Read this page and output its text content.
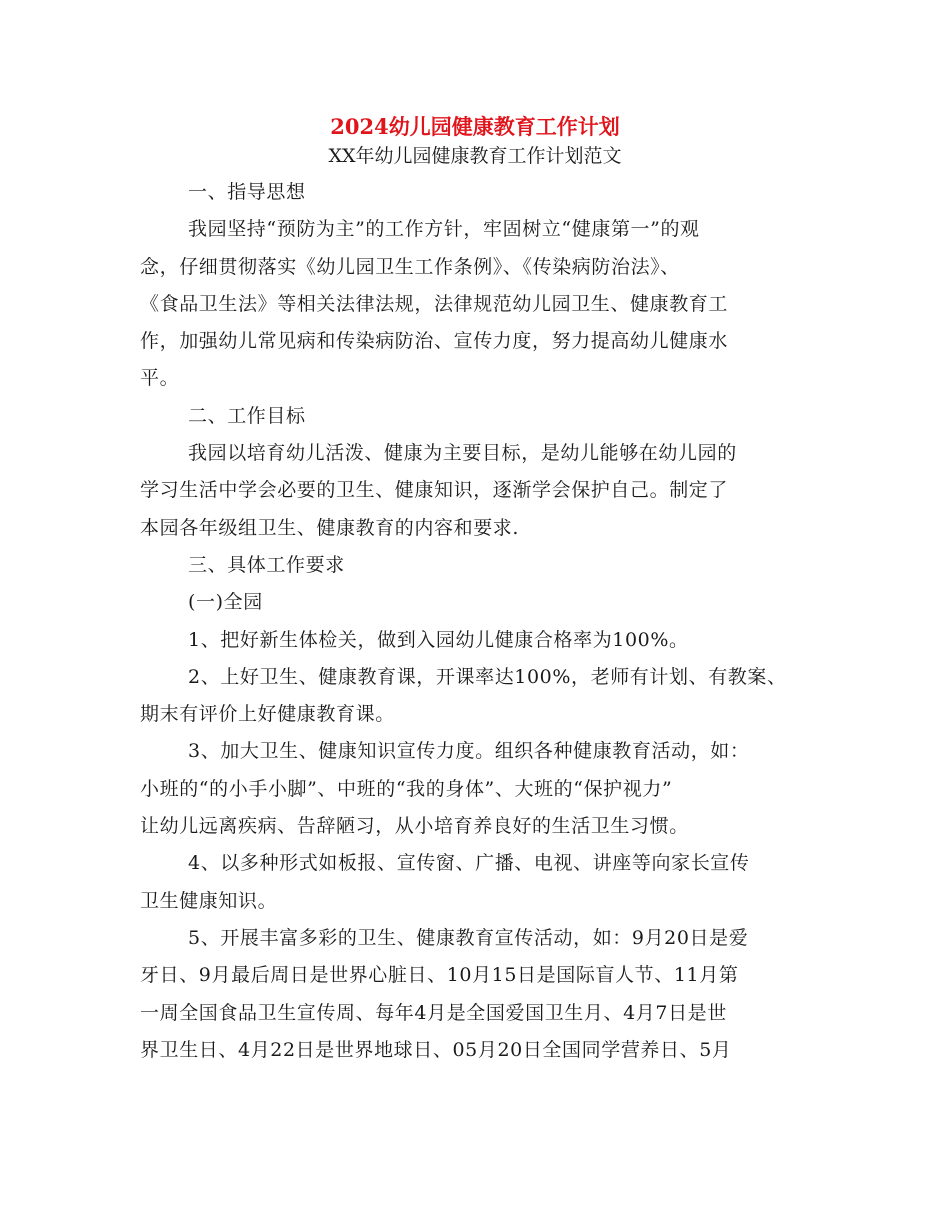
2024幼儿园健康教育工作计划
XX年幼儿园健康教育工作计划范文
一、指导思想
我园坚持“预防为主”的工作方针，牢固树立“健康第一”的观
念，仔细贯彻落实《幼儿园卫生工作条例》、《传染病防治法》、
《食品卫生法》等相关法律法规，法律规范幼儿园卫生、健康教育工
作，加强幼儿常见病和传染病防治、宣传力度，努力提高幼儿健康水
平。
二、工作目标
我园以培育幼儿活泼、健康为主要目标，是幼儿能够在幼儿园的
学习生活中学会必要的卫生、健康知识，逐渐学会保护自己。制定了
本园各年级组卫生、健康教育的内容和要求.
三、具体工作要求
(一)全园
1、把好新生体检关，做到入园幼儿健康合格率为100%。
2、上好卫生、健康教育课，开课率达100%，老师有计划、有教案、
期末有评价上好健康教育课。
3、加大卫生、健康知识宣传力度。组织各种健康教育活动，如：
小班的“的小手小脚”、中班的“我的身体”、大班的“保护视力”
让幼儿远离疾病、告辞陋习，从小培育养良好的生活卫生习惯。
4、以多种形式如板报、宣传窗、广播、电视、讲座等向家长宣传
卫生健康知识。
5、开展丰富多彩的卫生、健康教育宣传活动，如：9月20日是爱
牙日、9月最后周日是世界心脏日、10月15日是国际盲人节、11月第
一周全国食品卫生宣传周、每年4月是全国爱国卫生月、4月7日是世
界卫生日、4月22日是世界地球日、05月20日全国同学营养日、5月
